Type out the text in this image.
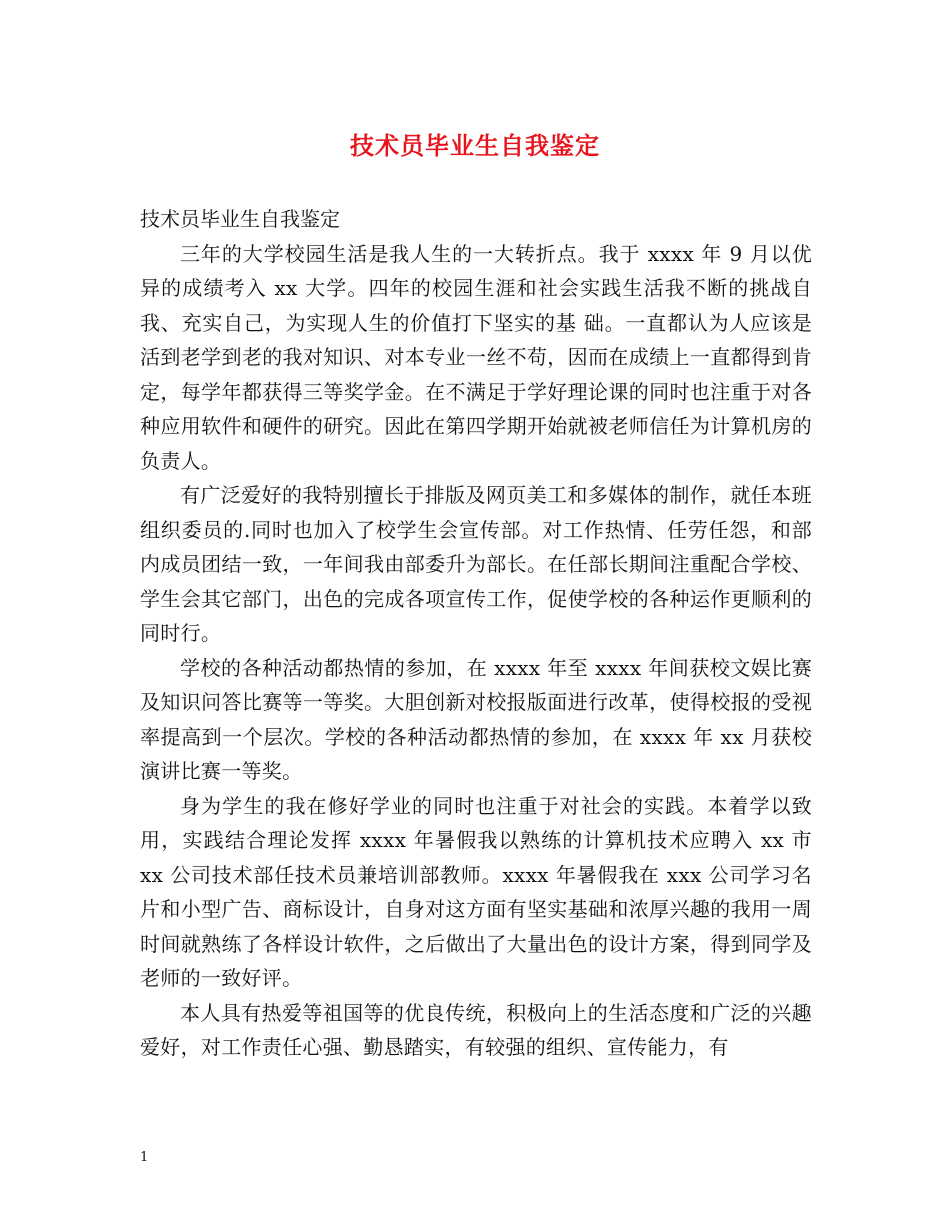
技术员毕业生自我鉴定

技术员毕业生自我鉴定

三年的大学校园生活是我人生的一大转折点。我于 xxxx 年 9 月以优异的成绩考入 xx 大学。四年的校园生涯和社会实践生活我不断的挑战自我、充实自己，为实现人生的价值打下坚实的基 础。一直都认为人应该是活到老学到老的我对知识、对本专业一丝不苟，因而在成绩上一直都得到肯定，每学年都获得三等奖学金。在不满足于学好理论课的同时也注重于对各种应用软件和硬件的研究。因此在第四学期开始就被老师信任为计算机房的负责人。

有广泛爱好的我特别擅长于排版及网页美工和多媒体的制作，就任本班组织委员的.同时也加入了校学生会宣传部。对工作热情、任劳任怨，和部内成员团结一致，一年间我由部委升为部长。在任部长期间注重配合学校、学生会其它部门，出色的完成各项宣传工作，促使学校的各种运作更顺利的同时行。

学校的各种活动都热情的参加，在 xxxx 年至 xxxx 年间获校文娱比赛及知识问答比赛等一等奖。大胆创新对校报版面进行改革，使得校报的受视率提高到一个层次。学校的各种活动都热情的参加，在 xxxx 年 xx 月获校演讲比赛一等奖。

身为学生的我在修好学业的同时也注重于对社会的实践。本着学以致用，实践结合理论发挥 xxxx 年暑假我以熟练的计算机技术应聘入 xx 市 xx 公司技术部任技术员兼培训部教师。xxxx 年暑假我在 xxx 公司学习名片和小型广告、商标设计，自身对这方面有坚实基础和浓厚兴趣的我用一周时间就熟练了各样设计软件，之后做出了大量出色的设计方案，得到同学及老师的一致好评。

本人具有热爱等祖国等的优良传统，积极向上的生活态度和广泛的兴趣爱好，对工作责任心强、勤恳踏实，有较强的组织、宣传能力，有

1
